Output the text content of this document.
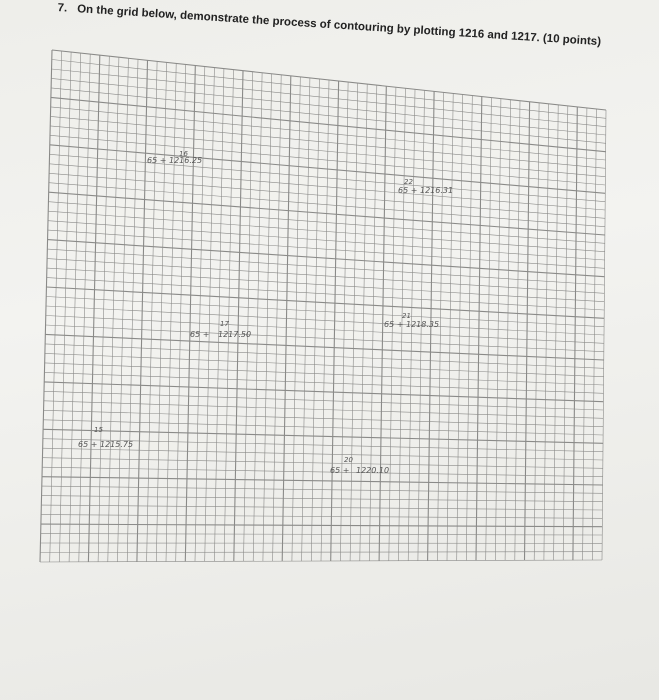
7. On the grid below, demonstrate the process of contouring by plotting 1216 and 1217. (10 points)
65 +
16
1216.25
22
65 + 1216.31
65 +
17
1217.50
21
65 + 1218.35
15
65 + 1215.75
20
65 + 1220.10
